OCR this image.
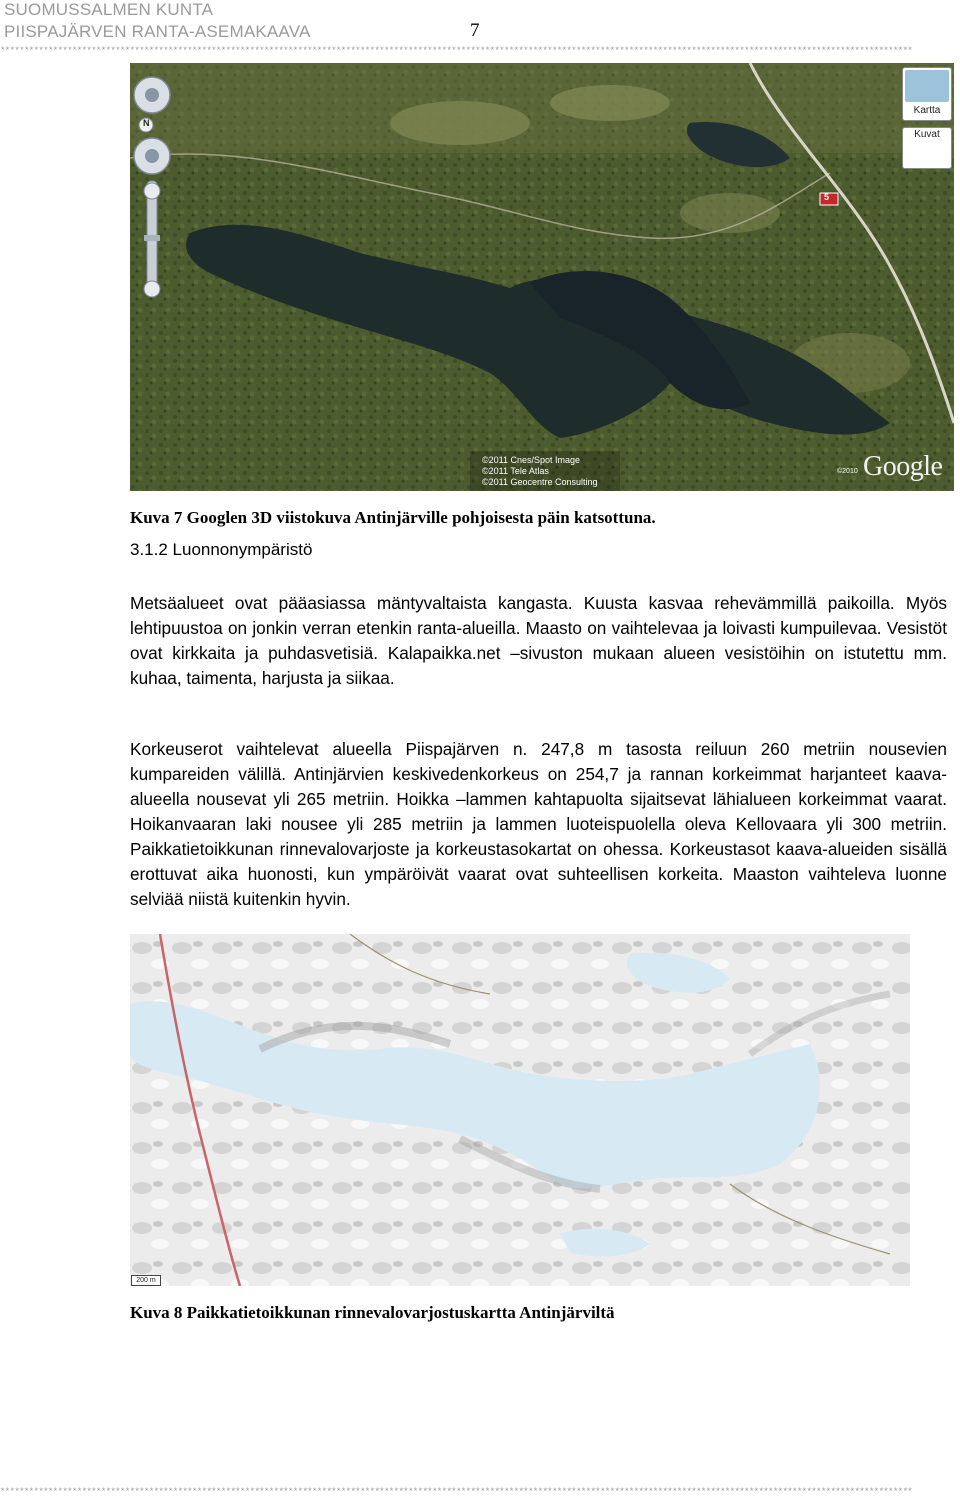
SUOMUSSALMEN KUNTA
PIISPAJÄRVEN RANTA-ASEMAKAAVA	7
**********************************************************************************************************************************************************************************************
N
5
Kartta
Kuvat
©2011 Cnes/Spot Image
©2011 Tele Atlas
©2011 Geocentre Consulting
©2010 Google
Kuva 7 Googlen 3D viistokuva Antinjärville pohjoisesta päin katsottuna.
3.1.2 Luonnonympäristö

Metsäalueet ovat pääasiassa mäntyvaltaista kangasta. Kuusta kasvaa rehevämmillä paikoilla. Myös lehtipuustoa on jonkin verran etenkin ranta-alueilla. Maasto on vaihtelevaa ja loivasti kumpuilevaa. Vesistöt ovat kirkkaita ja puhdasvetisiä. Kalapaikka.net –sivuston mukaan alueen vesistöihin on istutettu mm. kuhaa, taimenta, harjusta ja siikaa.

Korkeuserot vaihtelevat alueella Piispajärven n. 247,8 m tasosta reiluun 260 metriin nousevien kumpareiden välillä. Antinjärvien keskivedenkorkeus on 254,7 ja rannan korkeimmat harjanteet kaava-alueella nousevat yli 265 metriin. Hoikka –lammen kahtapuolta sijaitsevat lähialueen korkeimmat vaarat. Hoikanvaaran laki nousee yli 285 metriin ja lammen luoteispuolella oleva Kellovaara yli 300 metriin. Paikkatietoikkunan rinnevalovarjoste ja korkeustasokartat on ohessa. Korkeustasot kaava-alueiden sisällä erottuvat aika huonosti, kun ympäröivät vaarat ovat suhteellisen korkeita. Maaston vaihteleva luonne selviää niistä kuitenkin hyvin.

200 m
Kuva 8 Paikkatietoikkunan rinnevalovarjostuskartta Antinjärviltä
**********************************************************************************************************************************************************************************************
